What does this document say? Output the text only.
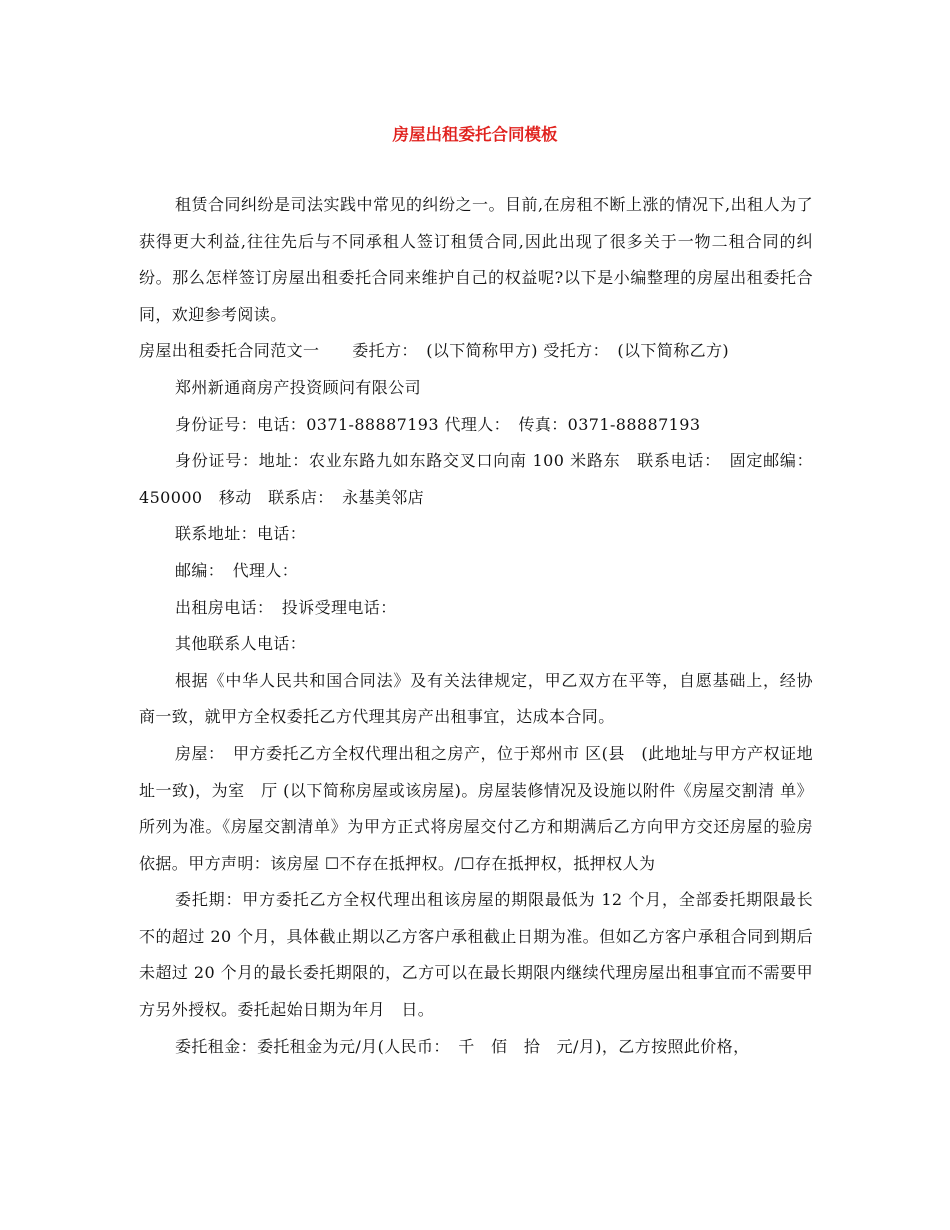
房屋出租委托合同模板

租赁合同纠纷是司法实践中常见的纠纷之一。目前,在房租不断上涨的情况下,出租人为了获得更大利益,往往先后与不同承租人签订租赁合同,因此出现了很多关于一物二租合同的纠纷。那么怎样签订房屋出租委托合同来维护自己的权益呢?以下是小编整理的房屋出租委托合同，欢迎参考阅读。

房屋出租委托合同范文一　　委托方：　(以下简称甲方) 受托方：　(以下简称乙方)

郑州新通商房产投资顾问有限公司

身份证号：电话：0371-88887193 代理人：　传真：0371-88887193

身份证号：地址：农业东路九如东路交叉口向南 100 米路东　联系电话：　固定邮编：450000　移动　联系店：　永基美邻店

联系地址：电话：

邮编：　代理人：

出租房电话：　投诉受理电话：

其他联系人电话：

根据《中华人民共和国合同法》及有关法律规定，甲乙双方在平等，自愿基础上，经协商一致，就甲方全权委托乙方代理其房产出租事宜，达成本合同。

房屋：　甲方委托乙方全权代理出租之房产，位于郑州市 区(县　(此地址与甲方产权证地址一致)，为室　厅 (以下简称房屋或该房屋)。房屋装修情况及设施以附件《房屋交割清 单》所列为准。《房屋交割清单》为甲方正式将房屋交付乙方和期满后乙方向甲方交还房屋的验房依据。甲方声明：该房屋 ☐不存在抵押权。/☐存在抵押权，抵押权人为

委托期：甲方委托乙方全权代理出租该房屋的期限最低为 12 个月，全部委托期限最长不的超过 20 个月，具体截止期以乙方客户承租截止日期为准。但如乙方客户承租合同到期后未超过 20 个月的最长委托期限的，乙方可以在最长期限内继续代理房屋出租事宜而不需要甲方另外授权。委托起始日期为年月　日。

委托租金：委托租金为元/月(人民币：　千　佰　拾　元/月)，乙方按照此价格，
